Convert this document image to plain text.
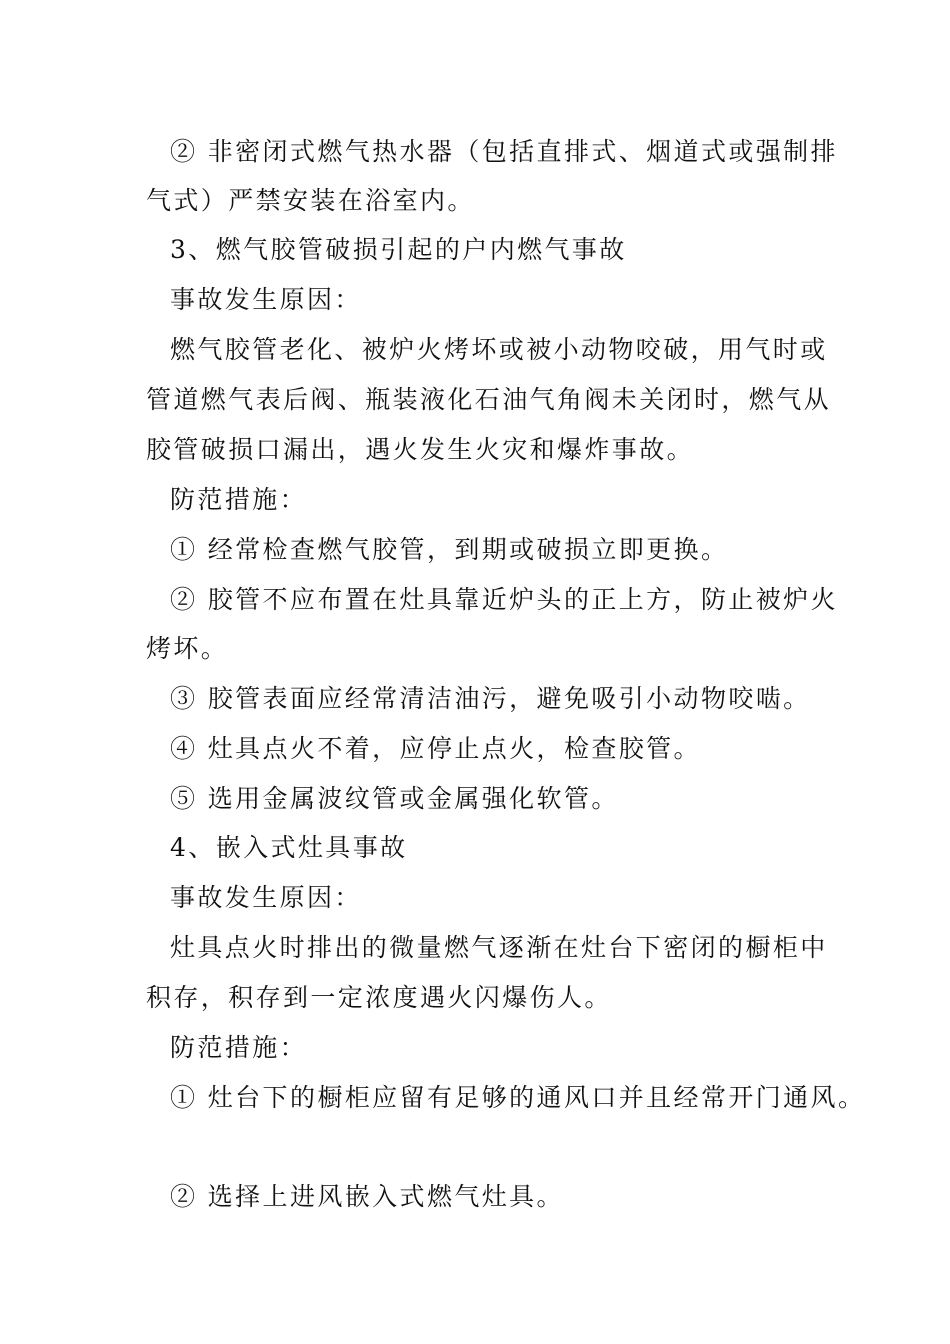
② 非密闭式燃气热水器（包括直排式、烟道式或强制排
气式）严禁安装在浴室内。
3、燃气胶管破损引起的户内燃气事故
事故发生原因：
燃气胶管老化、被炉火烤坏或被小动物咬破，用气时或
管道燃气表后阀、瓶装液化石油气角阀未关闭时，燃气从
胶管破损口漏出，遇火发生火灾和爆炸事故。
防范措施：
① 经常检查燃气胶管，到期或破损立即更换。
② 胶管不应布置在灶具靠近炉头的正上方，防止被炉火
烤坏。
③ 胶管表面应经常清洁油污，避免吸引小动物咬啮。
④ 灶具点火不着，应停止点火，检查胶管。
⑤ 选用金属波纹管或金属强化软管。
4、嵌入式灶具事故
事故发生原因：
灶具点火时排出的微量燃气逐渐在灶台下密闭的橱柜中
积存，积存到一定浓度遇火闪爆伤人。
防范措施：
① 灶台下的橱柜应留有足够的通风口并且经常开门通风。
② 选择上进风嵌入式燃气灶具。
